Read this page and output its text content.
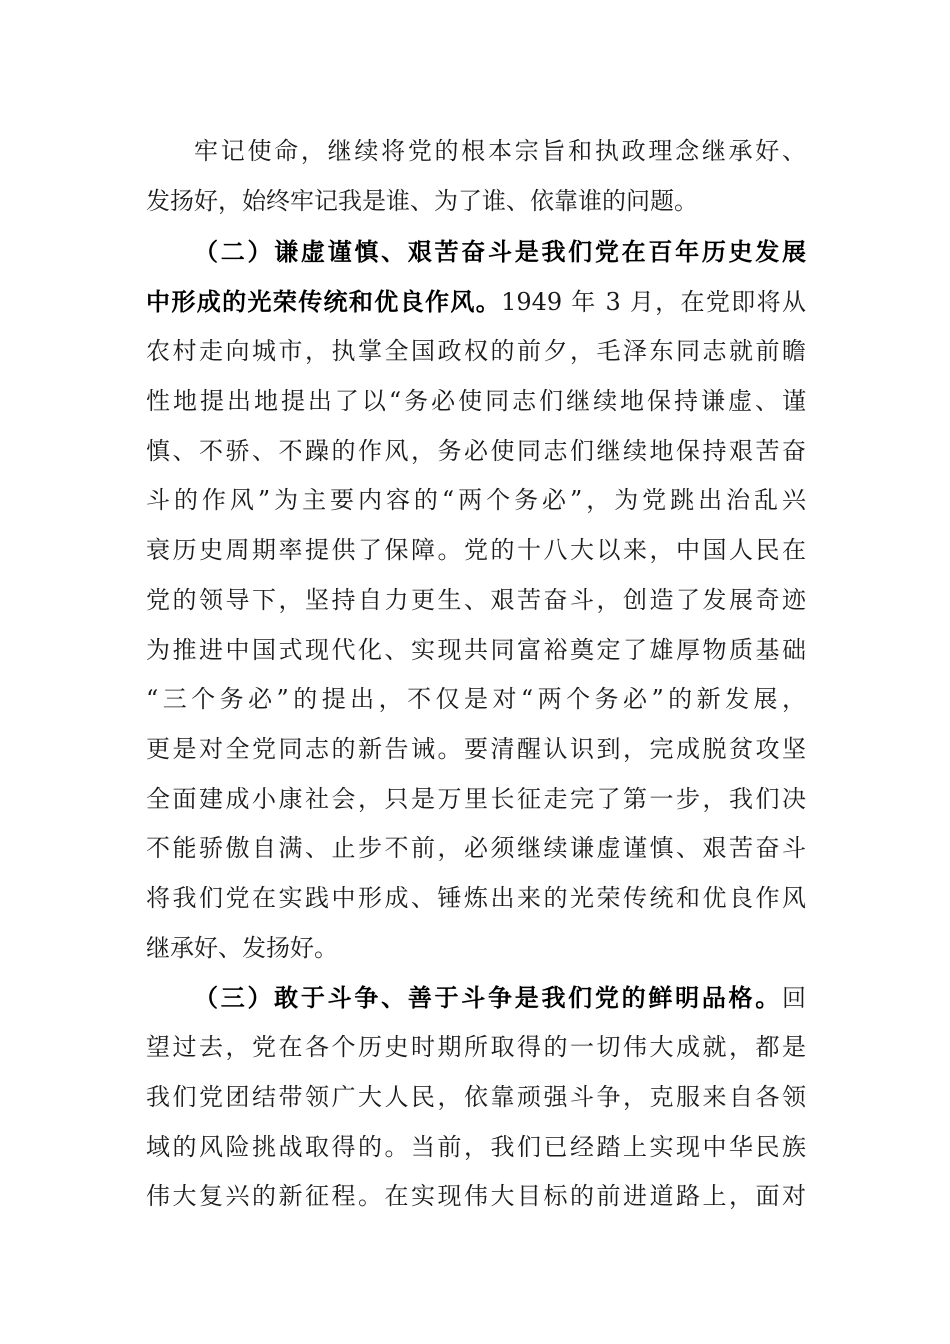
牢记使命，继续将党的根本宗旨和执政理念继承好、
发扬好，始终牢记我是谁、为了谁、依靠谁的问题。
（二）谦虚谨慎、艰苦奋斗是我们党在百年历史发展
中形成的光荣传统和优良作风。1949 年 3 月，在党即将从
农村走向城市，执掌全国政权的前夕，毛泽东同志就前瞻
性地提出地提出了以“务必使同志们继续地保持谦虚、谨
慎、不骄、不躁的作风，务必使同志们继续地保持艰苦奋
斗的作风”为主要内容的“两个务必”，为党跳出治乱兴
衰历史周期率提供了保障。党的十八大以来，中国人民在
党的领导下，坚持自力更生、艰苦奋斗，创造了发展奇迹
为推进中国式现代化、实现共同富裕奠定了雄厚物质基础
“三个务必”的提出，不仅是对“两个务必”的新发展，
更是对全党同志的新告诫。要清醒认识到，完成脱贫攻坚
全面建成小康社会，只是万里长征走完了第一步，我们决
不能骄傲自满、止步不前，必须继续谦虚谨慎、艰苦奋斗
将我们党在实践中形成、锤炼出来的光荣传统和优良作风
继承好、发扬好。
（三）敢于斗争、善于斗争是我们党的鲜明品格。回
望过去，党在各个历史时期所取得的一切伟大成就，都是
我们党团结带领广大人民，依靠顽强斗争，克服来自各领
域的风险挑战取得的。当前，我们已经踏上实现中华民族
伟大复兴的新征程。在实现伟大目标的前进道路上，面对
